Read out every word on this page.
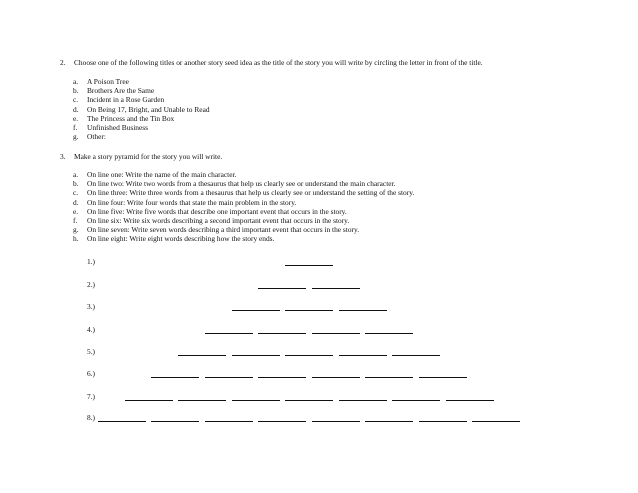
2. Choose one of the following titles or another story seed idea as the title of the story you will write by circling the letter in front of the title.
a. A Poison Tree
b. Brothers Are the Same
c. Incident in a Rose Garden
d. On Being 17, Bright, and Unable to Read
e. The Princess and the Tin Box
f. Unfinished Business
g. Other:
3. Make a story pyramid for the story you will write.
a. On line one: Write the name of the main character.
b. On line two: Write two words from a thesaurus that help us clearly see or understand the main character.
c. On line three: Write three words from a thesaurus that help us clearly see or understand the setting of the story.
d. On line four: Write four words that state the main problem in the story.
e. On line five: Write five words that describe one important event that occurs in the story.
f. On line six: Write six words describing a second important event that occurs in the story.
g. On line seven: Write seven words describing a third important event that occurs in the story.
h. On line eight: Write eight words describing how the story ends.
1.)
2.)
3.)
4.)
5.)
6.)
7.)
8.)
